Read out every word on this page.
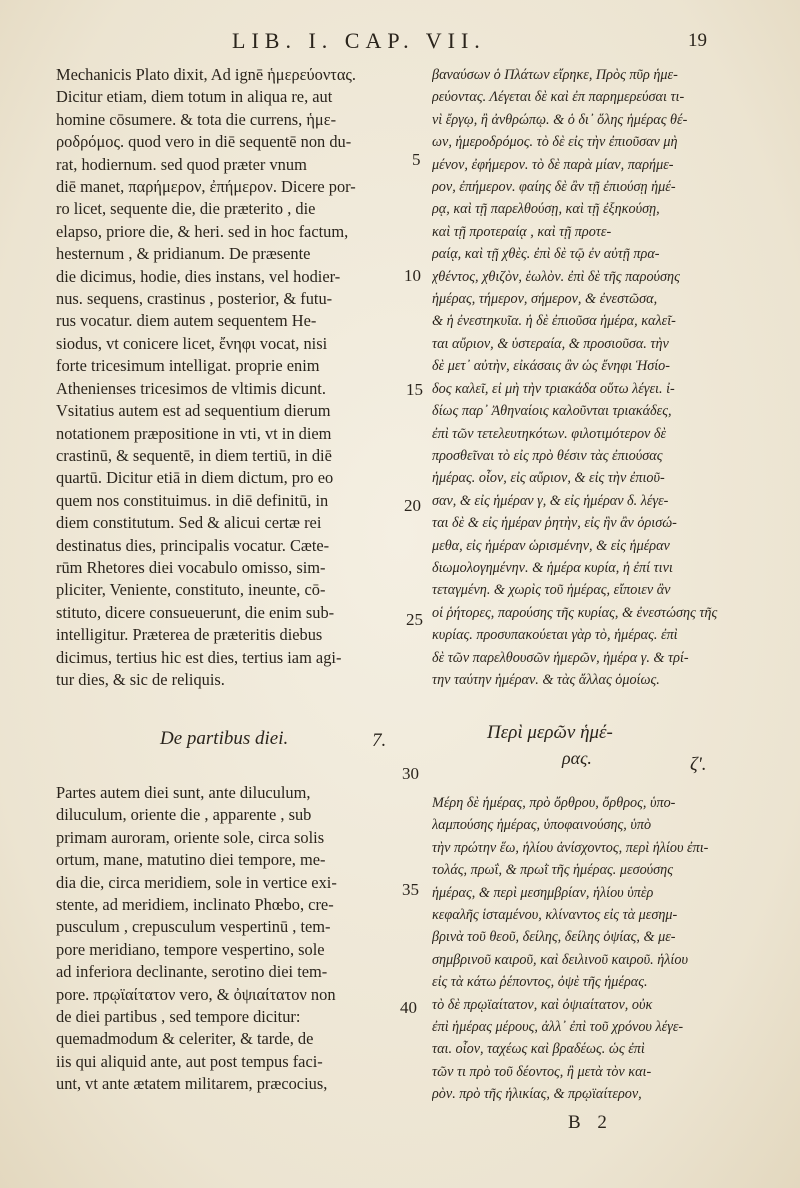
LIB. I. CAP. VII.	19
Mechanicis Plato dixit, Ad ignē ἡμερεύοντας.
Dicitur etiam, diem totum in aliqua re, aut
homine cōsumere. & tota die currens, ἡμε-
ροδρόμος. quod vero in diē sequentē non du-
rat, hodiernum. sed quod præter vnum
diē manet, παρήμερον, ἐπήμερον. Dicere por-
ro licet, sequente die, die præterito , die
elapso, priore die, & heri. sed in hoc factum,
hesternum , & pridianum. De præsente
die dicimus, hodie, dies instans, vel hodier-
nus. sequens, crastinus , posterior, & futu-
rus vocatur. diem autem sequentem He-
siodus, vt conicere licet, ἔνηφι vocat, nisi
forte tricesimum intelligat. proprie enim
Athenienses tricesimos de vltimis dicunt.
Vsitatius autem est ad sequentium dierum
notationem præpositione in vti, vt in diem
crastinū, & sequentē, in diem tertiū, in diē
quartū. Dicitur etiā in diem dictum, pro eo
quem nos constituimus. in diē definitū, in
diem constitutum. Sed & alicui certæ rei
destinatus dies, principalis vocatur. Cæte-
rūm Rhetores diei vocabulo omisso, sim-
pliciter, Veniente, constituto, ineunte, cō-
stituto, dicere consueuerunt, die enim sub-
intelligitur. Præterea de præteritis diebus
dicimus, tertius hic est dies, tertius iam agi-
tur dies, & sic de reliquis.
βαναύσων ὁ Πλάτων εἴρηκε, Πρὸς πῦρ ἡμε-
ρεύοντας. Λέγεται δὲ καὶ ἐπ παρημερεύσαι τι-
νὶ ἔργῳ, ἢ ἀνθρώπῳ. & ὁ δι᾽ ὅλης ἡμέρας θέ-
ων, ἡμεροδρόμος. τὸ δὲ εἰς τὴν ἐπιοῦσαν μὴ
μένον, ἐφήμερον. τὸ δὲ παρὰ μίαν, παρήμε-
ρον, ἐπήμερον. φαίης δὲ ἂν τῇ ἐπιούσῃ ἡμέ-
ρᾳ, καὶ τῇ παρελθούσῃ, καὶ τῇ ἐξηκούσῃ,
καὶ τῇ προτεραίᾳ , καὶ τῇ προτε-
ραίᾳ, καὶ τῇ χθὲς. ἐπὶ δὲ τῷ ἐν αὐτῇ πρα-
χθέντος, χθιζὸν, ἑωλὸν. ἐπὶ δὲ τῆς παρούσης
ἡμέρας, τήμερον, σήμερον, & ἐνεστῶσα,
& ἡ ἐνεστηκυῖα. ἡ δὲ ἐπιοῦσα ἡμέρα, καλεῖ-
ται αὔριον, & ὑστεραία, & προσιοῦσα. τὴν
δὲ μετ᾽ αὐτὴν, εἰκάσαις ἂν ὡς ἔνηφι Ἡσίο-
δος καλεῖ, εἰ μὴ τὴν τριακάδα οὕτω λέγει. ἰ-
δίως παρ᾽ Ἀθηναίοις καλοῦνται τριακάδες,
ἐπὶ τῶν τετελευτηκότων. φιλοτιμότερον δὲ
προσθεῖναι τὸ εἰς πρὸ θέσιν τὰς ἐπιούσας
ἡμέρας. οἷον, εἰς αὔριον, & εἰς τὴν ἐπιοῦ-
σαν, & εἰς ἡμέραν γ, & εἰς ἡμέραν δ. λέγε-
ται δὲ & εἰς ἡμέραν ῥητὴν, εἰς ἣν ἂν ὁρισώ-
μεθα, εἰς ἡμέραν ὡρισμένην, & εἰς ἡμέραν
διωμολογημένην. & ἡμέρα κυρία, ἡ ἐπί τινι
τεταγμένη. & χωρὶς τοῦ ἡμέρας, εἴποιεν ἂν
οἱ ῥήτορες, παρούσης τῆς κυρίας, & ἐνεστώσης τῆς
κυρίας. προσυπακούεται γὰρ τὸ, ἡμέρας. ἐπὶ
δὲ τῶν παρελθουσῶν ἡμερῶν, ἡμέρα γ. & τρί-
την ταύτην ἡμέραν. & τὰς ἄλλας ὁμοίως.
5
10
15
20
25
30
35
40
De partibus diei.	7.	Περὶ μερῶν ἡμέ-
ρας.	ζ'.
Partes autem diei sunt, ante diluculum,
diluculum, oriente die , apparente , sub
primam auroram, oriente sole, circa solis
ortum, mane, matutino diei tempore, me-
dia die, circa meridiem, sole in vertice exi-
stente, ad meridiem, inclinato Phœbo, cre-
pusculum , crepusculum vespertinū , tem-
pore meridiano, tempore vespertino, sole
ad inferiora declinante, serotino diei tem-
pore. πρῳϊαίτατον vero, & ὀψιαίτατον non
de diei partibus , sed tempore dicitur:
quemadmodum & celeriter, & tarde, de
iis qui aliquid ante, aut post tempus faci-
unt, vt ante ætatem militarem, præcocius,
Μέρη δὲ ἡμέρας, πρὸ ὄρθρου, ὄρθρος, ὑπο-
λαμπούσης ἡμέρας, ὑποφαινούσης, ὑπὸ
τὴν πρώτην ἕω, ἡλίου ἀνίσχοντος, περὶ ἡλίου ἐπι-
τολάς, πρωΐ, & πρωῒ τῆς ἡμέρας. μεσούσης
ἡμέρας, & περὶ μεσημβρίαν, ἡλίου ὑπὲρ
κεφαλῆς ἱσταμένου, κλίναντος εἰς τὰ μεσημ-
βρινὰ τοῦ θεοῦ, δείλης, δείλης ὀψίας, & με-
σημβρινοῦ καιροῦ, καὶ δειλινοῦ καιροῦ. ἡλίου
εἰς τὰ κάτω ῥέποντος, ὀψὲ τῆς ἡμέρας.
τὸ δὲ πρῳϊαίτατον, καὶ ὀψιαίτατον, οὐκ
ἐπὶ ἡμέρας μέρους, ἀλλ᾽ ἐπὶ τοῦ χρόνου λέγε-
ται. οἷον, ταχέως καὶ βραδέως. ὡς ἐπὶ
τῶν τι πρὸ τοῦ δέοντος, ἢ μετὰ τὸν και-
ρὸν. πρὸ τῆς ἡλικίας, & πρῳϊαίτερον,
B 2
